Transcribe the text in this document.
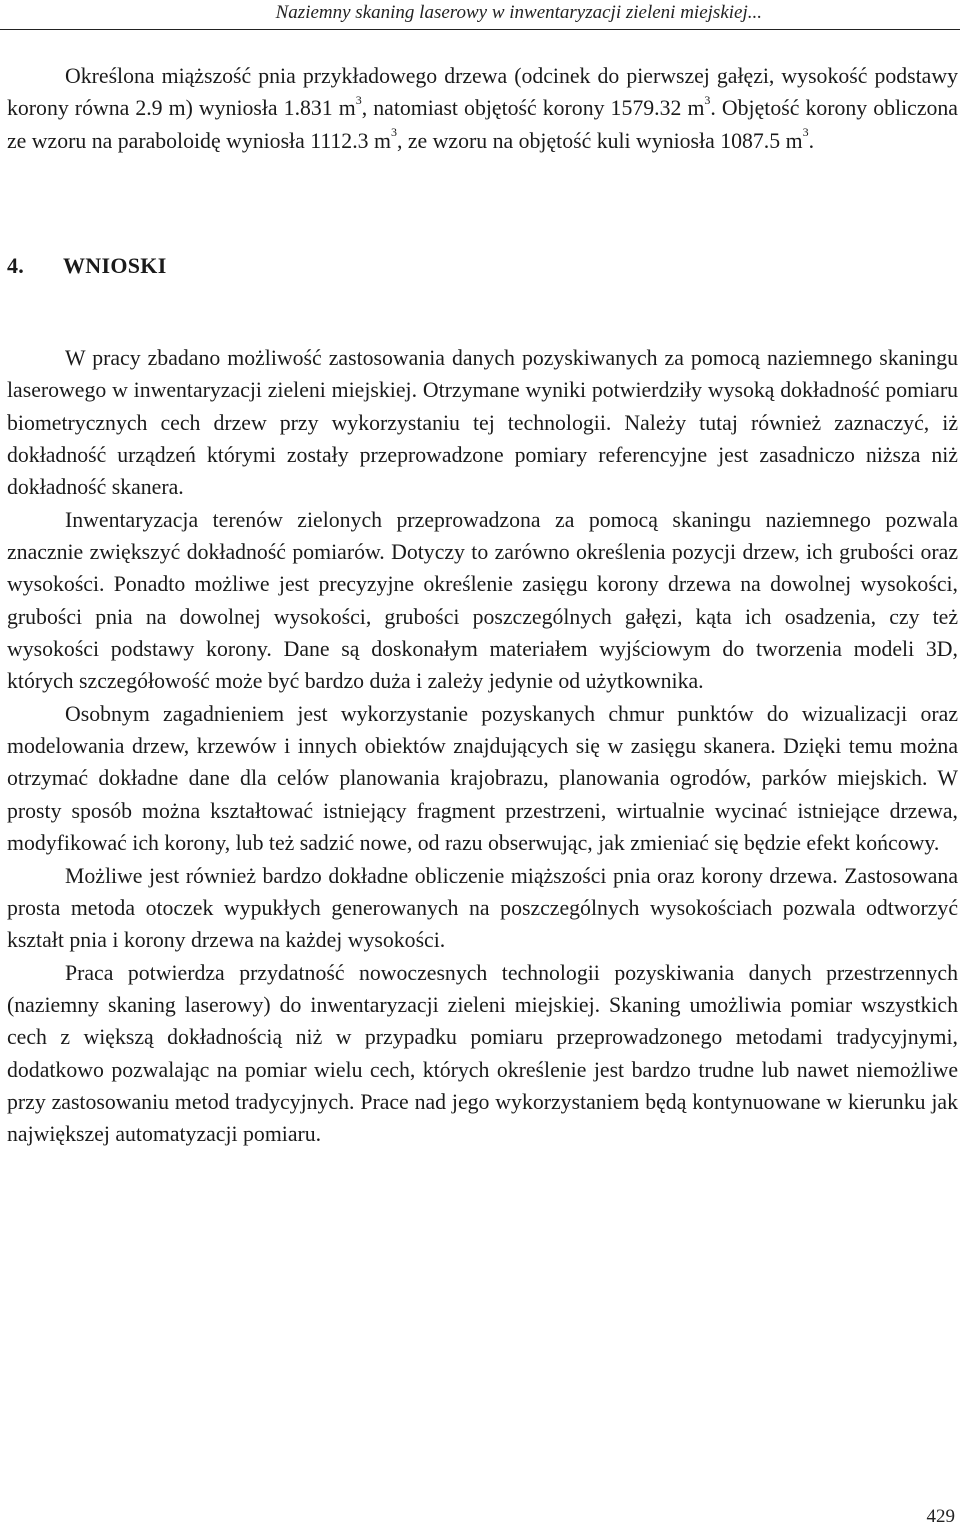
Naziemny skaning laserowy w inwentaryzacji zieleni miejskiej...

Określona miąższość pnia przykładowego drzewa (odcinek do pierwszej gałęzi, wysokość podstawy korony równa 2.9 m) wyniosła 1.831 $m^3$, natomiast objętość korony 1579.32 $m^3$. Objętość korony obliczona ze wzoru na paraboloidę wyniosła 1112.3 $m^3$, ze wzoru na objętość kuli wyniosła 1087.5 $m^3$.

4. WNIOSKI

W pracy zbadano możliwość zastosowania danych pozyskiwanych za pomocą naziemnego skaningu laserowego w inwentaryzacji zieleni miejskiej. Otrzymane wyniki potwierdziły wysoką dokładność pomiaru biometrycznych cech drzew przy wykorzystaniu tej technologii. Należy tutaj również zaznaczyć, iż dokładność urządzeń którymi zostały przeprowadzone pomiary referencyjne jest zasadniczo niższa niż dokładność skanera.

Inwentaryzacja terenów zielonych przeprowadzona za pomocą skaningu naziemnego pozwala znacznie zwiększyć dokładność pomiarów. Dotyczy to zarówno określenia pozycji drzew, ich grubości oraz wysokości. Ponadto możliwe jest precyzyjne określenie zasięgu korony drzewa na dowolnej wysokości, grubości pnia na dowolnej wysokości, grubości poszczególnych gałęzi, kąta ich osadzenia, czy też wysokości podstawy korony. Dane są doskonałym materiałem wyjściowym do tworzenia modeli 3D, których szczegółowość może być bardzo duża i zależy jedynie od użytkownika.

Osobnym zagadnieniem jest wykorzystanie pozyskanych chmur punktów do wizualizacji oraz modelowania drzew, krzewów i innych obiektów znajdujących się w zasięgu skanera. Dzięki temu można otrzymać dokładne dane dla celów planowania krajobrazu, planowania ogrodów, parków miejskich. W prosty sposób można kształtować istniejący fragment przestrzeni, wirtualnie wycinać istniejące drzewa, modyfikować ich korony, lub też sadzić nowe, od razu obserwując, jak zmieniać się będzie efekt końcowy.

Możliwe jest również bardzo dokładne obliczenie miąższości pnia oraz korony drzewa. Zastosowana prosta metoda otoczek wypukłych generowanych na poszczególnych wysokościach pozwala odtworzyć kształt pnia i korony drzewa na każdej wysokości.

Praca potwierdza przydatność nowoczesnych technologii pozyskiwania danych przestrzennych (naziemny skaning laserowy) do inwentaryzacji zieleni miejskiej. Skaning umożliwia pomiar wszystkich cech z większą dokładnością niż w przypadku pomiaru przeprowadzonego metodami tradycyjnymi, dodatkowo pozwalając na pomiar wielu cech, których określenie jest bardzo trudne lub nawet niemożliwe przy zastosowaniu metod tradycyjnych. Prace nad jego wykorzystaniem będą kontynuowane w kierunku jak największej automatyzacji pomiaru.

429
